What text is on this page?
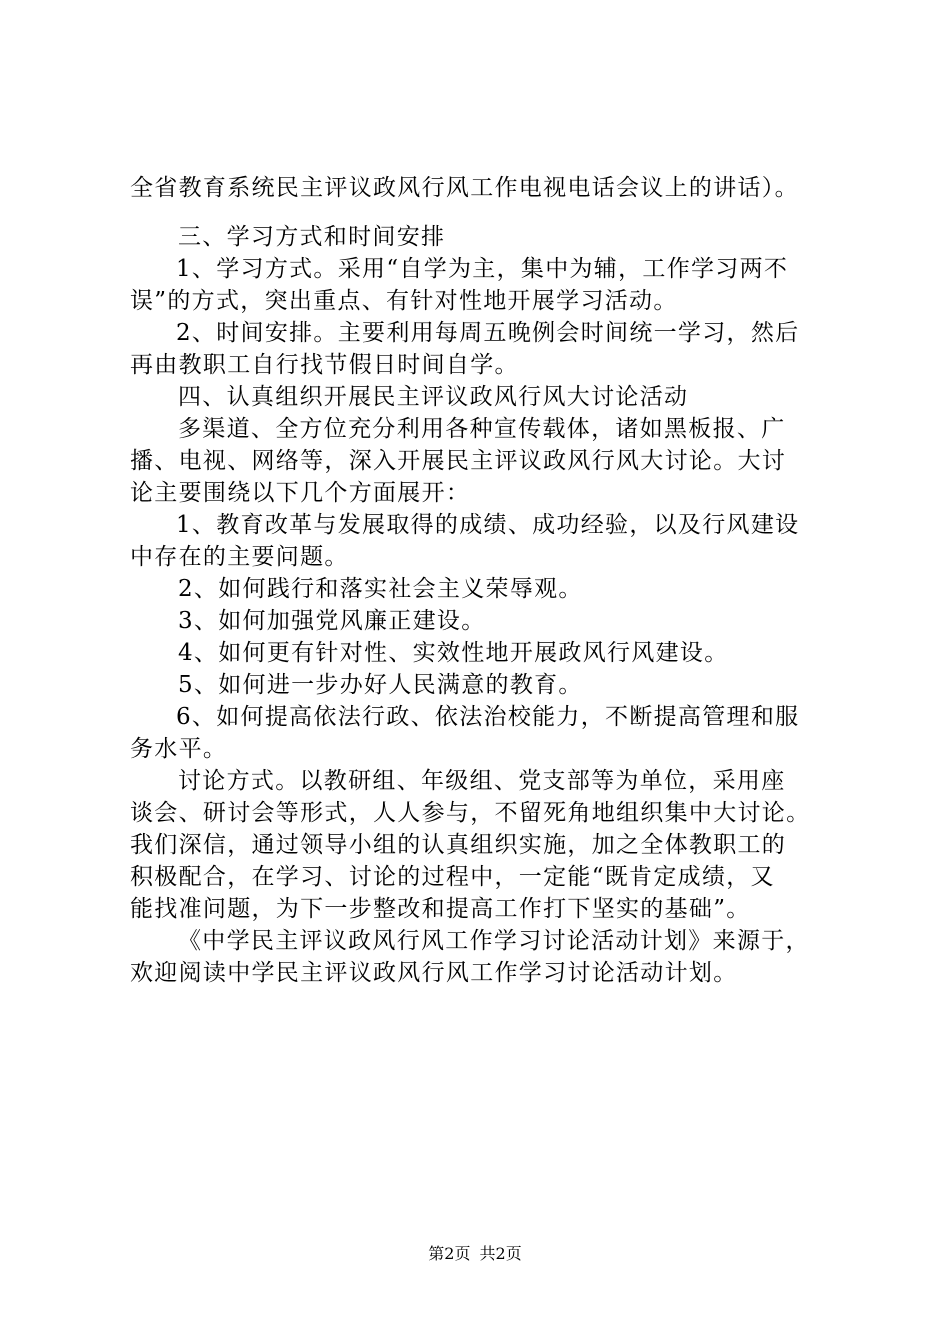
全省教育系统民主评议政风行风工作电视电话会议上的讲话）。
三、学习方式和时间安排
1、学习方式。采用“自学为主，集中为辅，工作学习两不
误”的方式，突出重点、有针对性地开展学习活动。
2、时间安排。主要利用每周五晚例会时间统一学习，然后
再由教职工自行找节假日时间自学。
四、认真组织开展民主评议政风行风大讨论活动
多渠道、全方位充分利用各种宣传载体，诸如黑板报、广
播、电视、网络等，深入开展民主评议政风行风大讨论。大讨
论主要围绕以下几个方面展开：
1、教育改革与发展取得的成绩、成功经验，以及行风建设
中存在的主要问题。
2、如何践行和落实社会主义荣辱观。
3、如何加强党风廉正建设。
4、如何更有针对性、实效性地开展政风行风建设。
5、如何进一步办好人民满意的教育。
6、如何提高依法行政、依法治校能力，不断提高管理和服
务水平。
讨论方式。以教研组、年级组、党支部等为单位，采用座
谈会、研讨会等形式，人人参与，不留死角地组织集中大讨论。
我们深信，通过领导小组的认真组织实施，加之全体教职工的
积极配合，在学习、讨论的过程中，一定能“既肯定成绩，又
能找准问题，为下一步整改和提高工作打下坚实的基础”。
《中学民主评议政风行风工作学习讨论活动计划》来源于，
欢迎阅读中学民主评议政风行风工作学习讨论活动计划。
第2页 共2页
